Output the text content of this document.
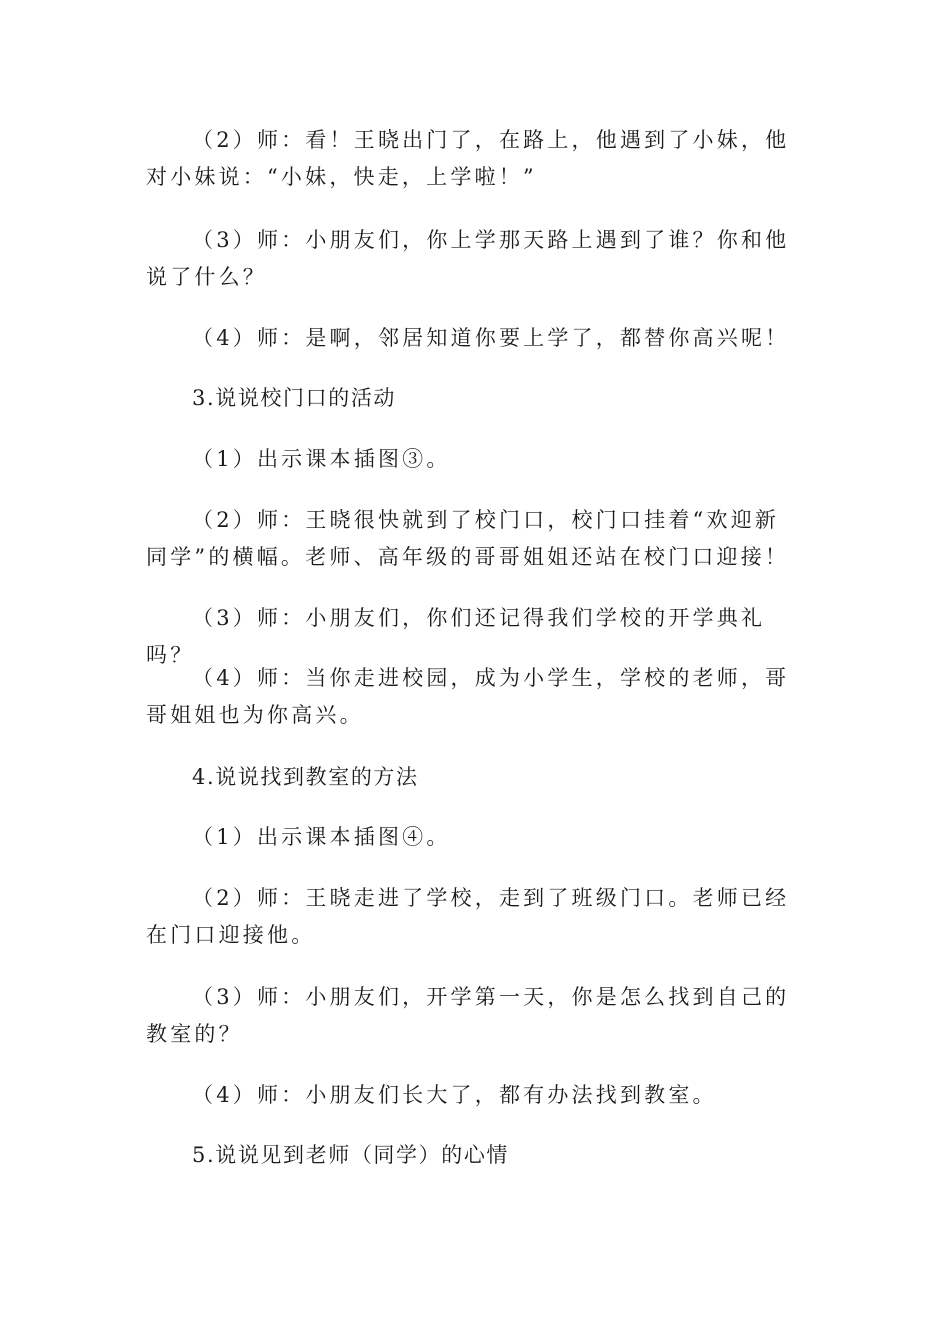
（2）师：看！王晓出门了，在路上，他遇到了小妹，他对小妹说：“小妹，快走，上学啦！”

（3）师：小朋友们，你上学那天路上遇到了谁？你和他说了什么？

（4）师：是啊，邻居知道你要上学了，都替你高兴呢！

3.说说校门口的活动

（1）出示课本插图③。

（2）师：王晓很快就到了校门口，校门口挂着“欢迎新同学”的横幅。老师、高年级的哥哥姐姐还站在校门口迎接！

（3）师：小朋友们，你们还记得我们学校的开学典礼吗？

（4）师：当你走进校园，成为小学生，学校的老师，哥哥姐姐也为你高兴。

4.说说找到教室的方法

（1）出示课本插图④。

（2）师：王晓走进了学校，走到了班级门口。老师已经在门口迎接他。

（3）师：小朋友们，开学第一天，你是怎么找到自己的教室的？

（4）师：小朋友们长大了，都有办法找到教室。

5.说说见到老师（同学）的心情
